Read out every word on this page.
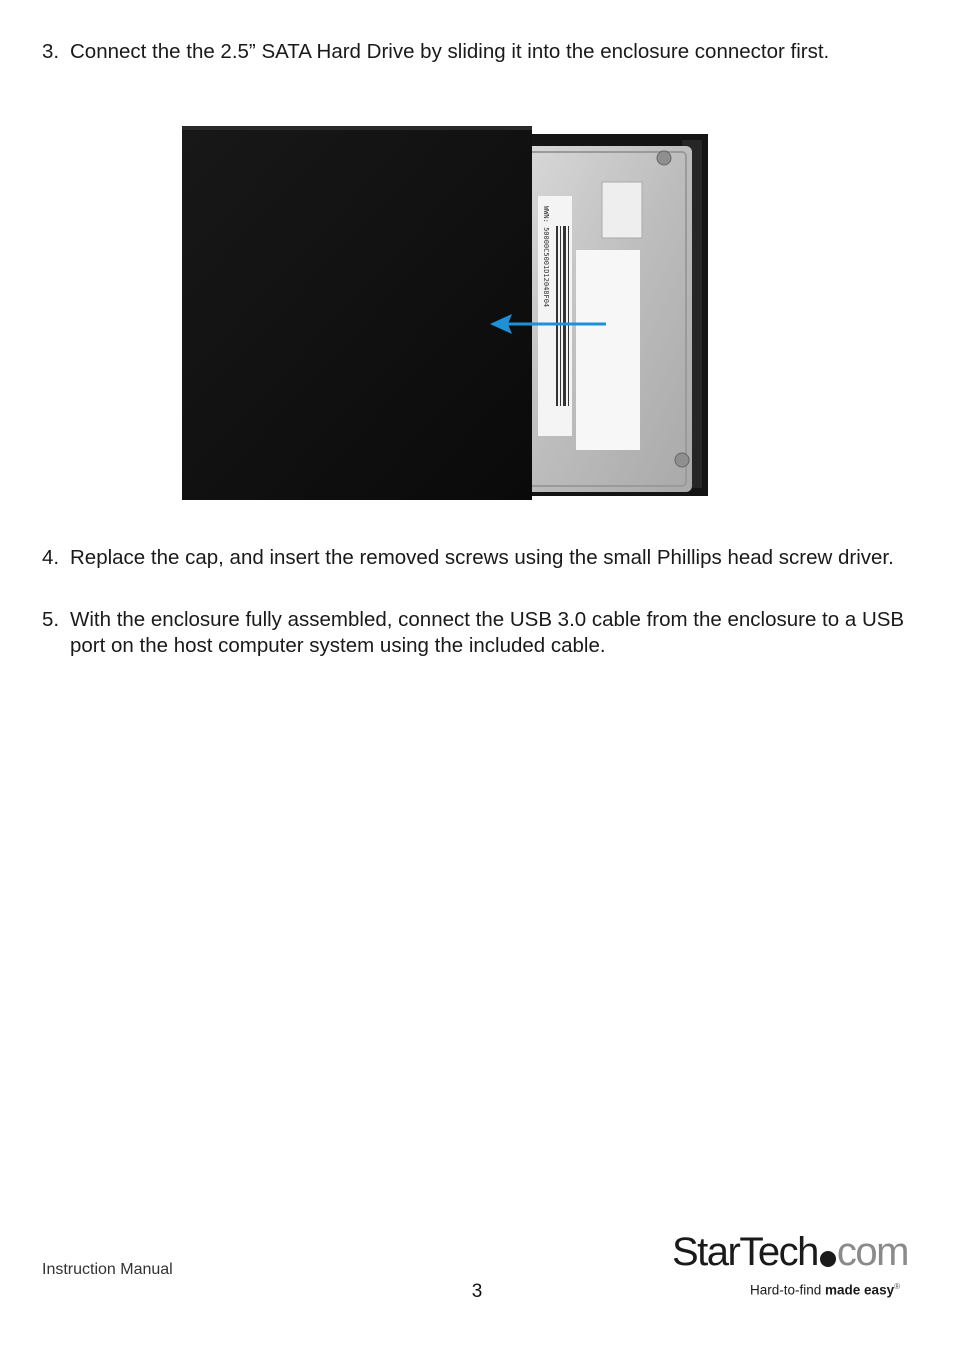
3. Connect the the 2.5” SATA Hard Drive by sliding it into the enclosure connector first.
WWN: 50000C5001D12048F04
4. Replace the cap, and insert the removed screws using the small Phillips head screw driver.
5. With the enclosure fully assembled, connect the USB 3.0 cable from the enclosure to a USB port on the host computer system using the included cable.
Instruction Manual
3
StarTech com
Hard-to-find made easy®
